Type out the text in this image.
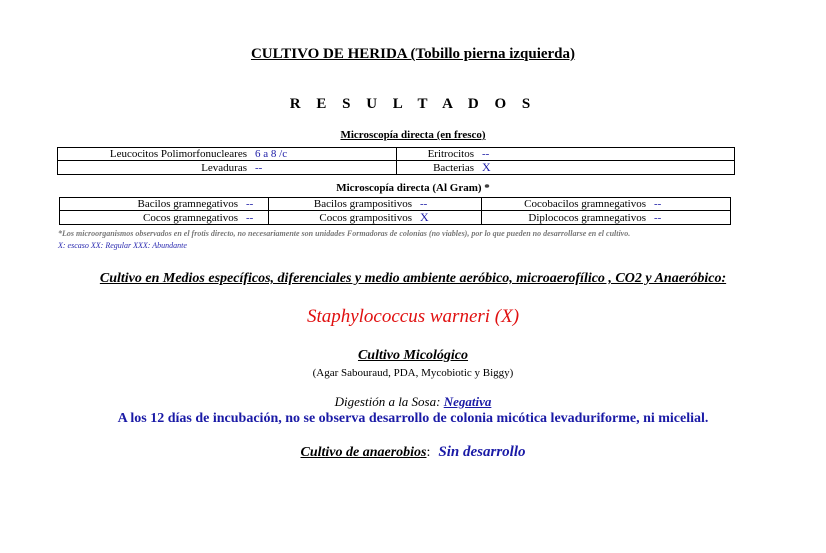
CULTIVO DE HERIDA (Tobillo pierna izquierda)
R E S U L T A D O S
Microscopía directa (en fresco)
Leucocitos Polimorfonucleares 6 a 8 /c	Eritrocitos --
Levaduras --	Bacterias X
Microscopía directa (Al Gram) *
Bacilos gramnegativos --	Bacilos grampositivos --	Cocobacilos gramnegativos --
Cocos gramnegativos --	Cocos grampositivos X	Diplococos gramnegativos --
*Los microorganismos observados en el frotis directo, no necesariamente son unidades Formadoras de colonias (no viables), por lo que pueden no desarrollarse en el cultivo.
X: escaso XX: Regular XXX: Abundante
Cultivo en Medios específicos, diferenciales y medio ambiente aeróbico, microaerofílico , CO2 y Anaeróbico:
Staphylococcus warneri (X)
Cultivo Micológico
(Agar Sabouraud, PDA, Mycobiotic y Biggy)
Digestión a la Sosa: Negativa
A los 12 días de incubación, no se observa desarrollo de colonia micótica levaduriforme, ni micelial.
Cultivo de anaerobios: Sin desarrollo
